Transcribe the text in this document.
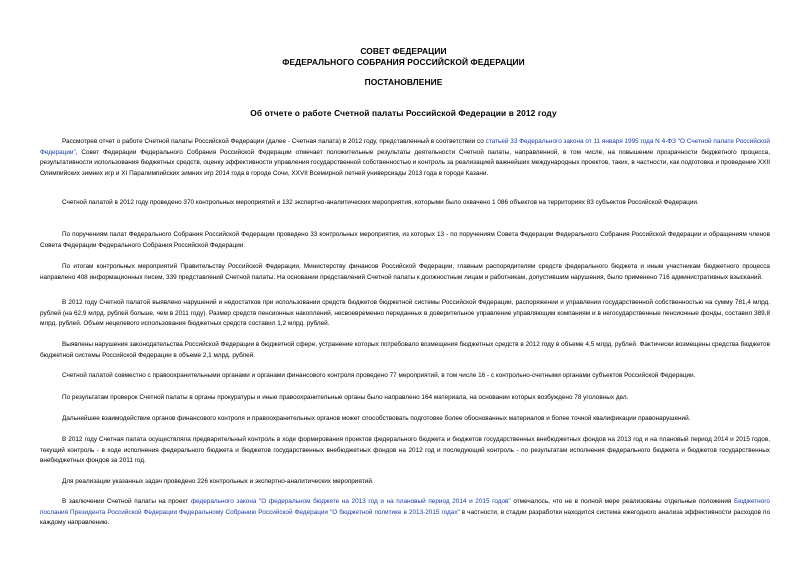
СОВЕТ ФЕДЕРАЦИИ
ФЕДЕРАЛЬНОГО СОБРАНИЯ РОССИЙСКОЙ ФЕДЕРАЦИИ
ПОСТАНОВЛЕНИЕ
Об отчете о работе Счетной палаты Российской Федерации в 2012 году

Рассмотрев отчет о работе Счетной палаты Российской Федерации (далее - Счетная палата) в 2012 году, представленный в соответствии со статьей 33 Федерального закона от 11 января 1995 года N 4-ФЗ "О Счетной палате Российской Федерации", Совет Федерации Федерального Собрания Российской Федерации отмечает положительные результаты деятельности Счетной палаты, направленной, в том числе, на повышение прозрачности бюджетного процесса, результативности использования бюджетных средств, оценку эффективности управления государственной собственностью и контроль за реализацией важнейших международных проектов, таких, в частности, как подготовка и проведение XXII Олимпийских зимних игр и XI Паралимпийских зимних игр 2014 года в городе Сочи, XXVII Всемирной летней универсиады 2013 года в городе Казани.

Счетной палатой в 2012 году проведено 370 контрольных мероприятий и 132 экспертно-аналитических мероприятия, которыми было охвачено 1 086 объектов на территориях 83 субъектов Российской Федерации.

По поручениям палат Федерального Собрания Российской Федерации проведено 33 контрольных мероприятия, из которых 13 - по поручениям Совета Федерации Федерального Собрания Российской Федерации и обращениям членов Совета Федерации Федерального Собрания Российской Федерации.

По итогам контрольных мероприятий Правительству Российской Федерации, Министерству финансов Российской Федерации, главным распорядителям средств федерального бюджета и иным участникам бюджетного процесса направлено 408 информационных писем, 339 представлений Счетной палаты. На основании представлений Счетной палаты к должностным лицам и работникам, допустившим нарушения, было применено 716 административных взысканий.

В 2012 году Счетной палатой выявлено нарушений и недостатков при использовании средств бюджетов бюджетной системы Российской Федерации, распоряжении и управлении государственной собственностью на сумму 781,4 млрд. рублей (на 62,9 млрд. рублей больше, чем в 2011 году). Размер средств пенсионных накоплений, несвоевременно переданных в доверительное управление управляющим компаниям и в негосударственные пенсионные фонды, составил 389,8 млрд. рублей. Объем нецелевого использования бюджетных средств составил 1,2 млрд. рублей.

Выявлены нарушения законодательства Российской Федерации в бюджетной сфере, устранение которых потребовало возмещения бюджетных средств в 2012 году в объеме 4,5 млрд. рублей. Фактически возмещены средства бюджетов бюджетной системы Российской Федерации в объеме 2,1 млрд. рублей.

Счетной палатой совместно с правоохранительными органами и органами финансового контроля проведено 77 мероприятий, в том числе 16 - с контрольно-счетными органами субъектов Российской Федерации.

По результатам проверок Счетной палаты в органы прокуратуры и иные правоохранительные органы было направлено 164 материала, на основании которых возбуждено 78 уголовных дел.

Дальнейшее взаимодействие органов финансового контроля и правоохранительных органов может способствовать подготовке более обоснованных материалов и более точной квалификации правонарушений.

В 2012 году Счетная палата осуществляла предварительный контроль в ходе формирования проектов федерального бюджета и бюджетов государственных внебюджетных фондов на 2013 год и на плановый период 2014 и 2015 годов, текущий контроль - в ходе исполнения федерального бюджета и бюджетов государственных внебюджетных фондов на 2012 год и последующий контроль - по результатам исполнения федерального бюджета и бюджетов государственных внебюджетных фондов за 2011 год.

Для реализации указанных задач проведено 226 контрольных и экспертно-аналитических мероприятий.

В заключении Счетной палаты на проект федерального закона "О федеральном бюджете на 2013 год и на плановый период 2014 и 2015 годов" отмечалось, что не в полной мере реализованы отдельные положения Бюджетного послания Президента Российской Федерации Федеральному Собранию Российской Федерации "О бюджетной политике в 2013-2015 годах" в частности, в стадии разработки находится система ежегодного анализа эффективности расходов по каждому направлению.
